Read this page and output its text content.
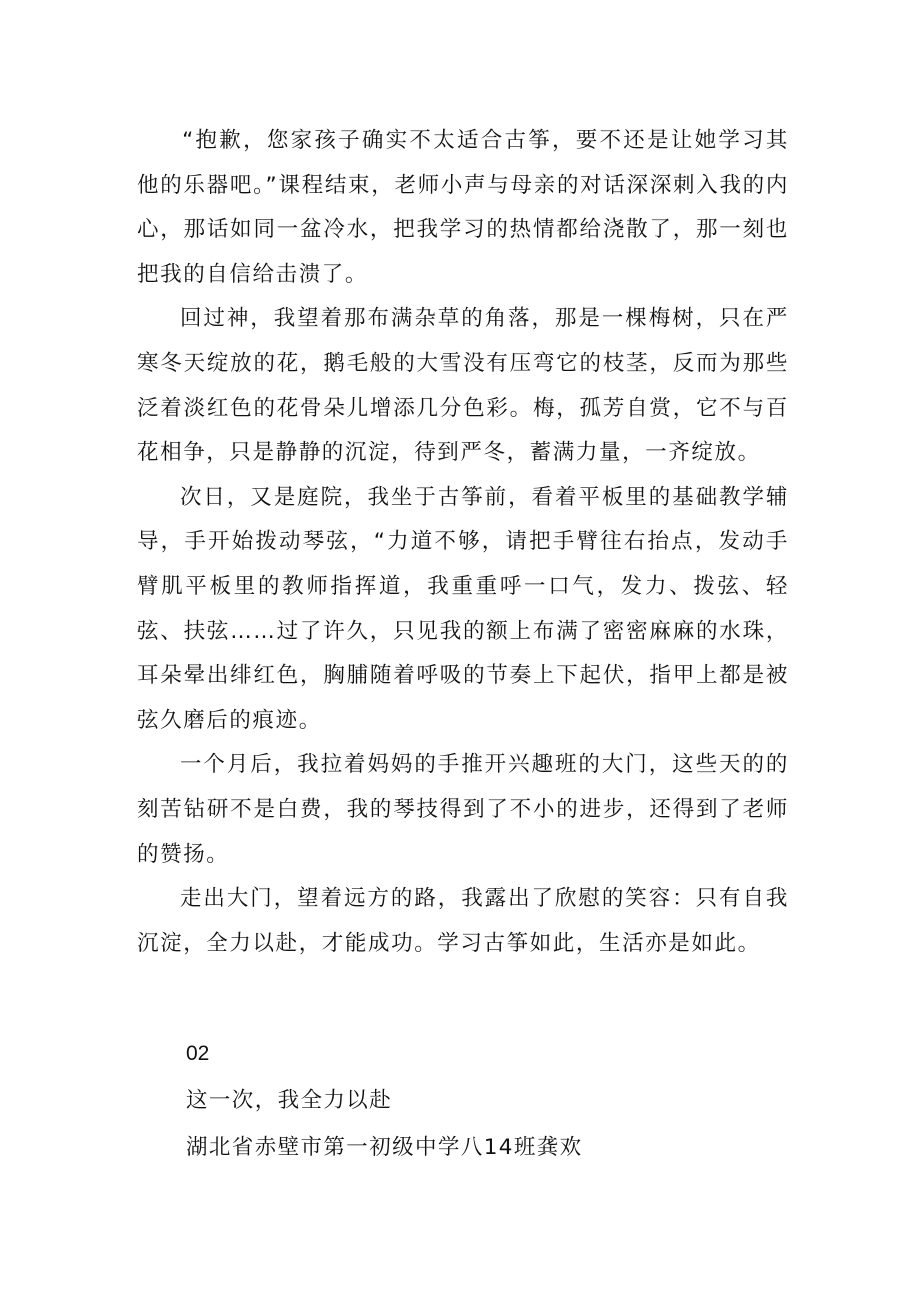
“抱歉，您家孩子确实不太适合古筝，要不还是让她学习其他的乐器吧。”课程结束，老师小声与母亲的对话深深刺入我的内心，那话如同一盆冷水，把我学习的热情都给浇散了，那一刻也把我的自信给击溃了。

回过神，我望着那布满杂草的角落，那是一棵梅树，只在严寒冬天绽放的花，鹅毛般的大雪没有压弯它的枝茎，反而为那些泛着淡红色的花骨朵儿增添几分色彩。梅，孤芳自赏，它不与百花相争，只是静静的沉淀，待到严冬，蓄满力量，一齐绽放。

次日，又是庭院，我坐于古筝前，看着平板里的基础教学辅导，手开始拨动琴弦，“力道不够，请把手臂往右抬点，发动手臂肌平板里的教师指挥道，我重重呼一口气，发力、拨弦、轻弦、扶弦……过了许久，只见我的额上布满了密密麻麻的水珠，耳朵晕出绯红色，胸脯随着呼吸的节奏上下起伏，指甲上都是被弦久磨后的痕迹。

一个月后，我拉着妈妈的手推开兴趣班的大门，这些天的的刻苦钻研不是白费，我的琴技得到了不小的进步，还得到了老师的赞扬。

走出大门，望着远方的路，我露出了欣慰的笑容：只有自我沉淀，全力以赴，才能成功。学习古筝如此，生活亦是如此。

02

这一次，我全力以赴

湖北省赤壁市第一初级中学八14班龚欢
